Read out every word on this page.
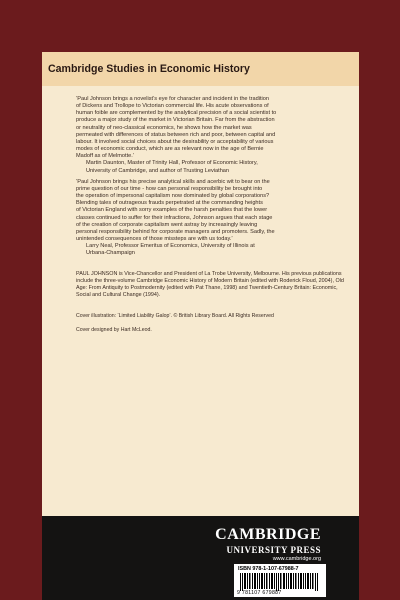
Cambridge Studies in Economic History

‘Paul Johnson brings a novelist’s eye for character and incident in the tradition
of Dickens and Trollope to Victorian commercial life. His acute observations of
human foible are complemented by the analytical precision of a social scientist to
produce a major study of the market in Victorian Britain. Far from the abstraction
or neutrality of neo-classical economics, he shows how the market was
permeated with differences of status between rich and poor, between capital and
labour. It involved social choices about the desirability or acceptability of various
modes of economic conduct, which are as relevant now in the age of Bernie
Madoff as of Melmotte.’

Martin Daunton, Master of Trinity Hall, Professor of Economic History,
University of Cambridge, and author of Trusting Leviathan

‘Paul Johnson brings his precise analytical skills and acerbic wit to bear on the
prime question of our time - how can personal responsibility be brought into
the operation of impersonal capitalism now dominated by global corporations?
Blending tales of outrageous frauds perpetrated at the commanding heights
of Victorian England with sorry examples of the harsh penalties that the lower
classes continued to suffer for their infractions, Johnson argues that each stage
of the creation of corporate capitalism went astray by increasingly leaving
personal responsibility behind for corporate managers and promoters. Sadly, the
unintended consequences of those missteps are with us today.’

Larry Neal, Professor Emeritus of Economics, University of Illinois at
Urbana-Champaign

PAUL JOHNSON is Vice-Chancellor and President of La Trobe University, Melbourne. His previous publications include the three-volume Cambridge Economic History of Modern Britain (edited with Roderick Floud, 2004), Old Age: From Antiquity to Postmodernity (edited with Pat Thane, 1998) and Twentieth-Century Britain: Economic, Social and Cultural Change (1994).

Cover illustration: ‘Limited Liability Galop’. © British Library Board. All Rights Reserved

Cover designed by Hart McLeod.

CAMBRIDGE
UNIVERSITY PRESS
www.cambridge.org
ISBN 978-1-107-67988-7
9 781107 679887
